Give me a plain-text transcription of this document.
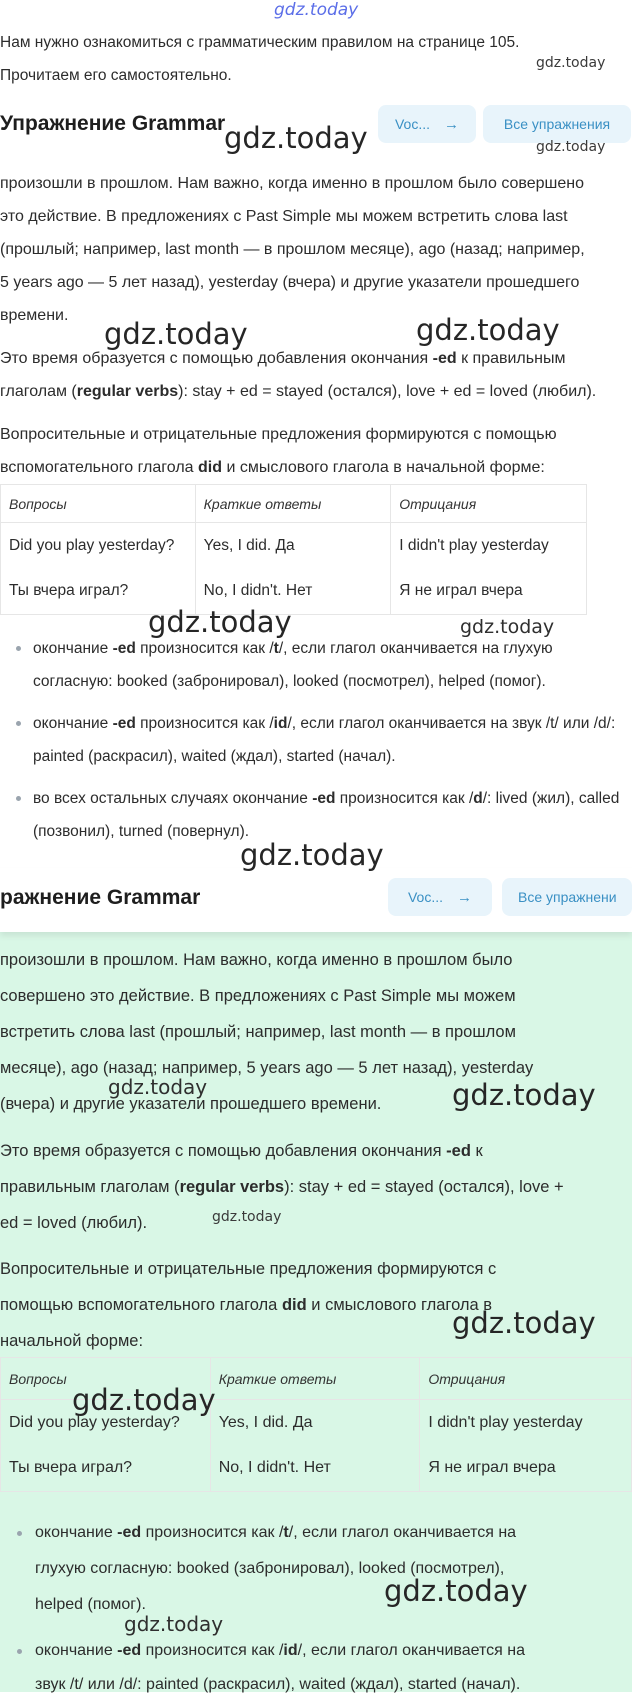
gdz.today
Нам нужно ознакомиться с грамматическим правилом на странице 105.
Прочитаем его самостоятельно.
Упражнение Grammar	Voc... →	Все упражнения
произошли в прошлом. Нам важно, когда именно в прошлом было совершено
это действие. В предложениях с Past Simple мы можем встретить слова last
(прошлый; например, last month — в прошлом месяце), ago (назад; например,
5 years ago — 5 лет назад), yesterday (вчера) и другие указатели прошедшего
времени.
Это время образуется с помощью добавления окончания -ed к правильным
глаголам (regular verbs): stay + ed = stayed (остался), love + ed = loved (любил).
Вопросительные и отрицательные предложения формируются с помощью
вспомогательного глагола did и смыслового глагола в начальной форме:
Вопросы	Краткие ответы	Отрицания
Did you play yesterday?	Yes, I did. Да	I didn't play yesterday
Ты вчера играл?	No, I didn't. Нет	Я не играл вчера
окончание -ed произносится как /t/, если глагол оканчивается на глухую согласную: booked (забронировал), looked (посмотрел), helped (помог).
окончание -ed произносится как /id/, если глагол оканчивается на звук /t/ или /d/: painted (раскрасил), waited (ждал), started (начал).
во всех остальных случаях окончание -ed произносится как /d/: lived (жил), called (позвонил), turned (повернул).
ражнение Grammar	Voc... →	Все упражнени
произошли в прошлом. Нам важно, когда именно в прошлом было
совершено это действие. В предложениях с Past Simple мы можем
встретить слова last (прошлый; например, last month — в прошлом
месяце), ago (назад; например, 5 years ago — 5 лет назад), yesterday
(вчера) и другие указатели прошедшего времени.
Это время образуется с помощью добавления окончания -ed к
правильным глаголам (regular verbs): stay + ed = stayed (остался), love +
ed = loved (любил).
Вопросительные и отрицательные предложения формируются с
помощью вспомогательного глагола did и смыслового глагола в
начальной форме:
Вопросы	Краткие ответы	Отрицания
Did you play yesterday?	Yes, I did. Да	I didn't play yesterday
Ты вчера играл?	No, I didn't. Нет	Я не играл вчера
окончание -ed произносится как /t/, если глагол оканчивается на
глухую согласную: booked (забронировал), looked (посмотрел),
helped (помог).
окончание -ed произносится как /id/, если глагол оканчивается на
звук /t/ или /d/: painted (раскрасил), waited (ждал), started (начал).
gdz.today
gdz.today	gdz.today
gdz.today	gdz.today
gdz.today	gdz.today
gdz.today
gdz.today	gdz.today
gdz.today
gdz.today
gdz.today
gdz.today
gdz.today
